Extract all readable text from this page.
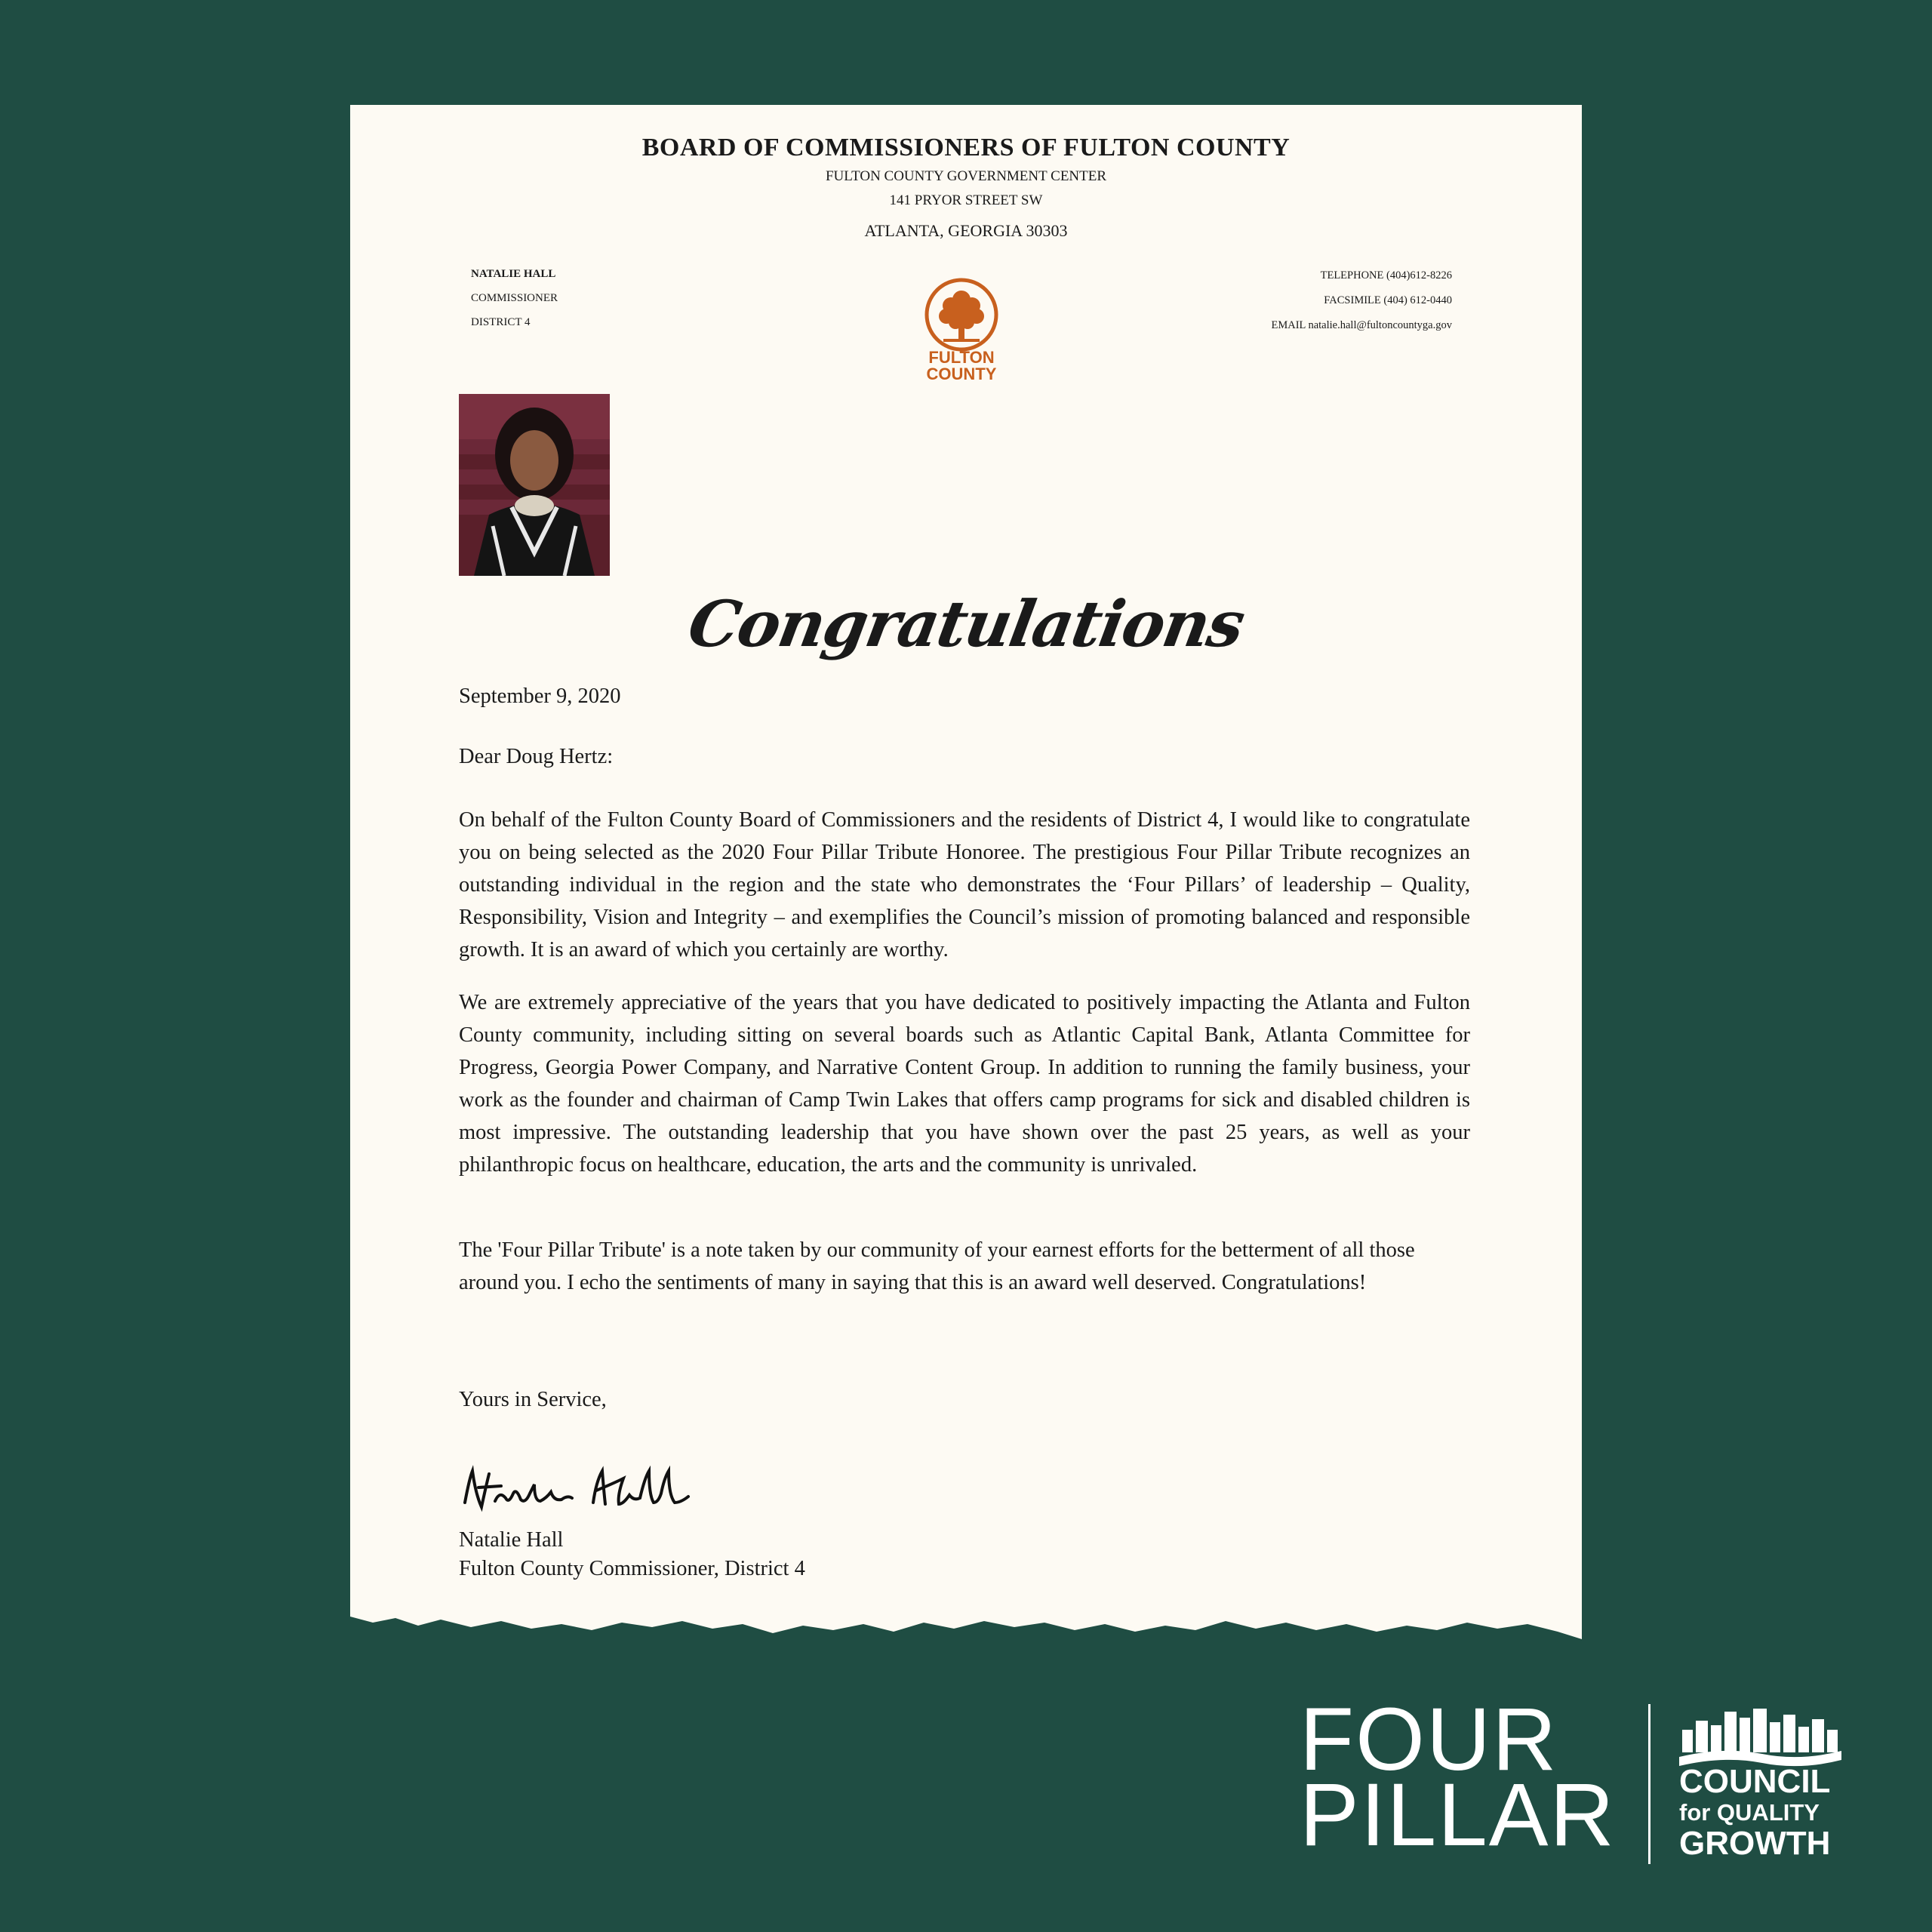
BOARD OF COMMISSIONERS OF FULTON COUNTY
FULTON COUNTY GOVERNMENT CENTER
141 PRYOR STREET SW
ATLANTA, GEORGIA 30303
NATALIE HALL
COMMISSIONER
DISTRICT 4
TELEPHONE (404)612-8226
FACSIMILE (404) 612-0440
EMAIL natalie.hall@fultoncountyga.gov
FULTON
COUNTY
Congratulations
September 9, 2020
Dear Doug Hertz:
On behalf of the Fulton County Board of Commissioners and the residents of District 4, I would like to congratulate you on being selected as the 2020 Four Pillar Tribute Honoree. The prestigious Four Pillar Tribute recognizes an outstanding individual in the region and the state who demonstrates the ‘Four Pillars’ of leadership – Quality, Responsibility, Vision and Integrity – and exemplifies the Council’s mission of promoting balanced and responsible growth. It is an award of which you certainly are worthy.
We are extremely appreciative of the years that you have dedicated to positively impacting the Atlanta and Fulton County community, including sitting on several boards such as Atlantic Capital Bank, Atlanta Committee for Progress, Georgia Power Company, and Narrative Content Group. In addition to running the family business, your work as the founder and chairman of Camp Twin Lakes that offers camp programs for sick and disabled children is most impressive. The outstanding leadership that you have shown over the past 25 years, as well as your philanthropic focus on healthcare, education, the arts and the community is unrivaled.
The 'Four Pillar Tribute' is a note taken by our community of your earnest efforts for the betterment of all those around you. I echo the sentiments of many in saying that this is an award well deserved. Congratulations!
Yours in Service,
Natalie Hall
Fulton County Commissioner, District 4
FOUR
PILLAR COUNCIL
for QUALITY
GROWTH
